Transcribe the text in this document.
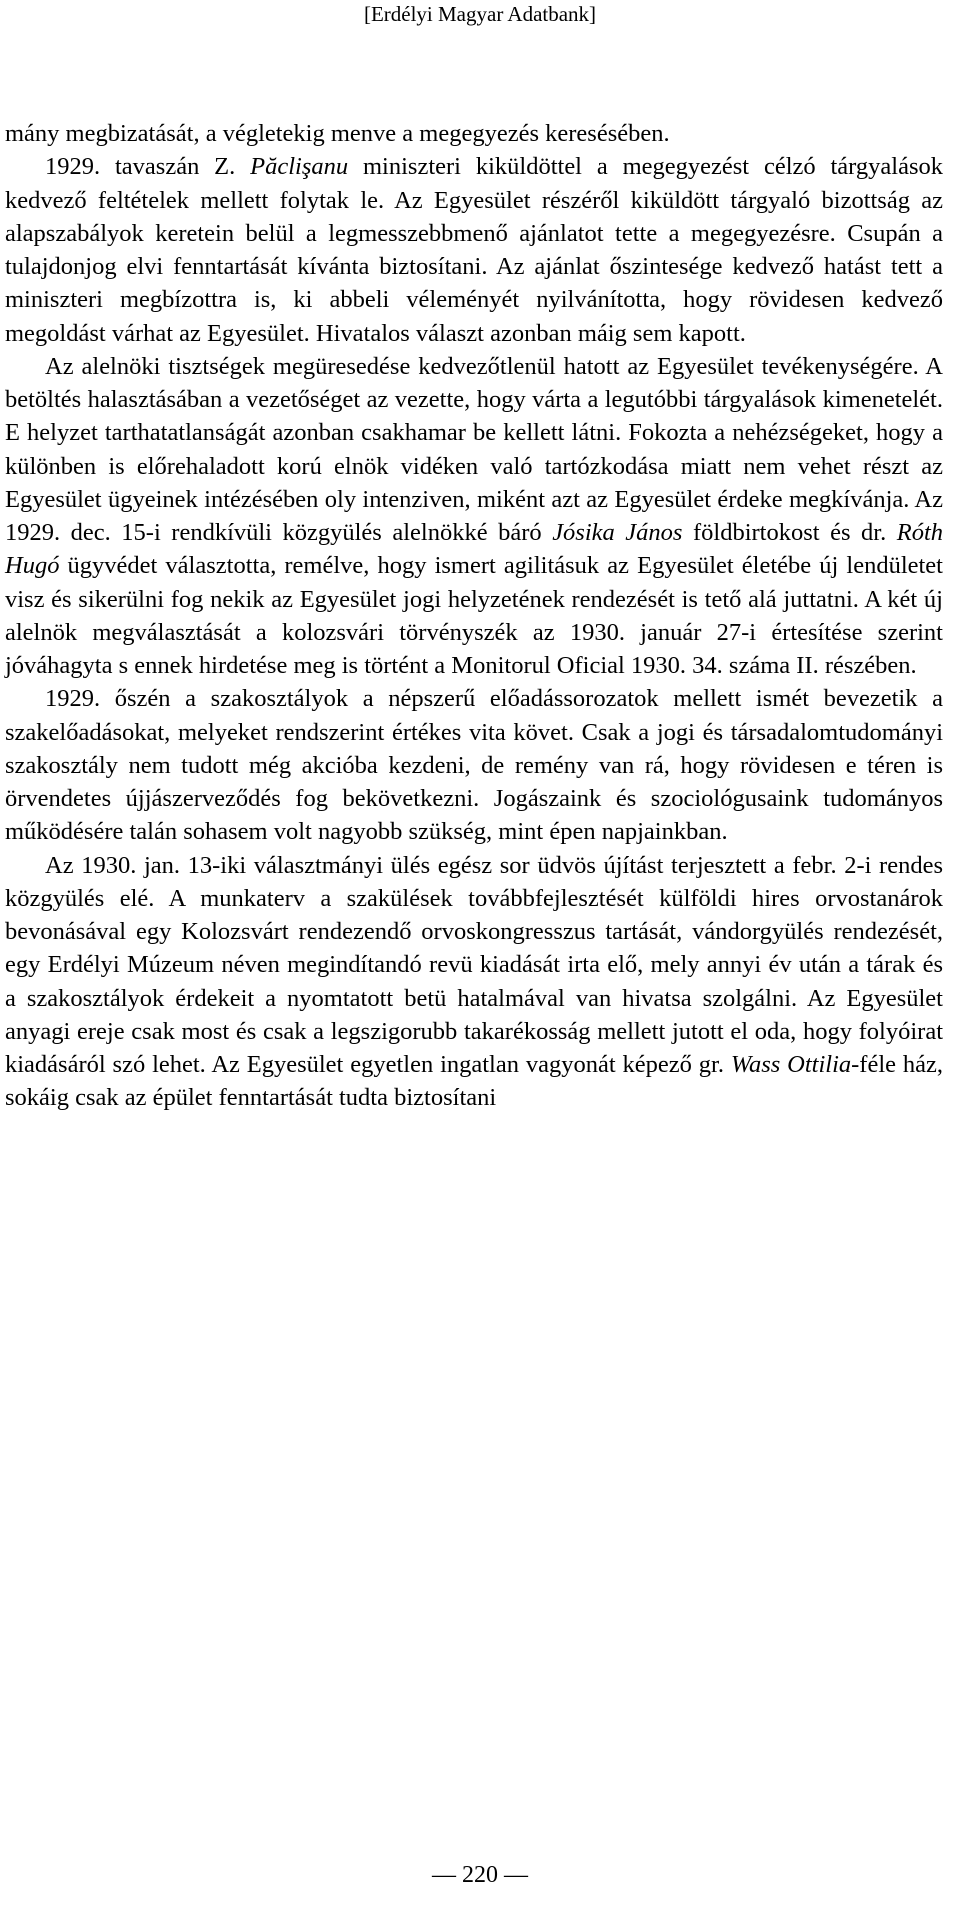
[Erdélyi Magyar Adatbank]

mány megbizatását, a végletekig menve a megegyezés keresésében.

1929. tavaszán Z. Păclişanu miniszteri kiküldöttel a megegyezést célzó tárgyalások kedvező feltételek mellett folytak le. Az Egyesület részéről kiküldött tárgyaló bizottság az alapszabályok keretein belül a legmesszebbmenő ajánlatot tette a megegyezésre. Csupán a tulajdonjog elvi fenntartását kívánta biztosítani. Az ajánlat őszintesége kedvező hatást tett a miniszteri megbízottra is, ki abbeli véleményét nyilvánította, hogy rövidesen kedvező megoldást várhat az Egyesület. Hivatalos választ azonban máig sem kapott.

Az alelnöki tisztségek megüresedése kedvezőtlenül hatott az Egyesület tevékenységére. A betöltés halasztásában a vezetőséget az vezette, hogy várta a legutóbbi tárgyalások kimenetelét. E helyzet tarthatatlanságát azonban csakhamar be kellett látni. Fokozta a nehézségeket, hogy a különben is előrehaladott korú elnök vidéken való tartózkodása miatt nem vehet részt az Egyesület ügyeinek intézésében oly intenziven, miként azt az Egyesület érdeke megkívánja. Az 1929. dec. 15-i rendkívüli közgyülés alelnökké báró Jósika János földbirtokost és dr. Róth Hugó ügyvédet választotta, remélve, hogy ismert agilitásuk az Egyesület életébe új lendületet visz és sikerülni fog nekik az Egyesület jogi helyzetének rendezését is tető alá juttatni. A két új alelnök megválasztását a kolozsvári törvényszék az 1930. január 27-i értesítése szerint jóváhagyta s ennek hirdetése meg is történt a Monitorul Oficial 1930. 34. száma II. részében.

1929. őszén a szakosztályok a népszerű előadássorozatok mellett ismét bevezetik a szakelőadásokat, melyeket rendszerint értékes vita követ. Csak a jogi és társadalomtudományi szakosztály nem tudott még akcióba kezdeni, de remény van rá, hogy rövidesen e téren is örvendetes újjászerveződés fog bekövetkezni. Jogászaink és szociológusaink tudományos működésére talán sohasem volt nagyobb szükség, mint épen napjainkban.

Az 1930. jan. 13-iki választmányi ülés egész sor üdvös újítást terjesztett a febr. 2-i rendes közgyülés elé. A munkaterv a szakülések továbbfejlesztését külföldi hires orvostanárok bevonásával egy Kolozsvárt rendezendő orvoskongresszus tartását, vándorgyülés rendezését, egy Erdélyi Múzeum néven megindítandó revü kiadását irta elő, mely annyi év után a tárak és a szakosztályok érdekeit a nyomtatott betü hatalmával van hivatsa szolgálni. Az Egyesület anyagi ereje csak most és csak a legszigorubb takarékosság mellett jutott el oda, hogy folyóirat kiadásáról szó lehet. Az Egyesület egyetlen ingatlan vagyonát képező gr. Wass Ottilia-féle ház, sokáig csak az épület fenntartását tudta biztosítani

— 220 —
